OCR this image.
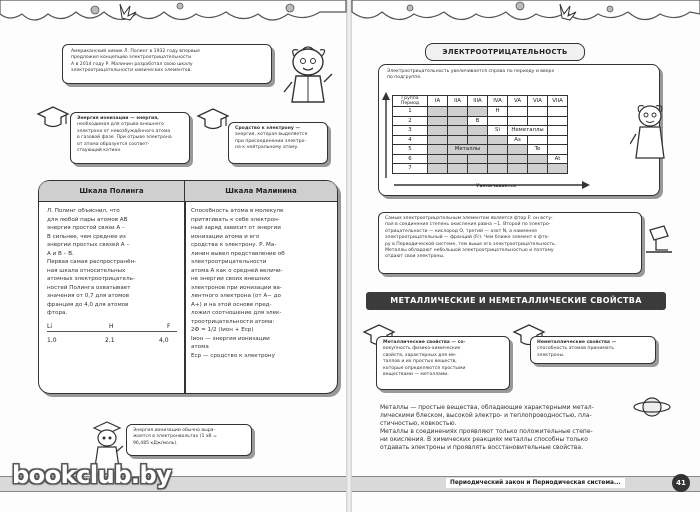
Американский химик Л. Полинг в 1932 году впервые
предложил концепцию электроотрицательности.
А в 2014 году Р. Малинин разработал свою шкалу
электроотрицательности химических элементов.
Энергия ионизации — энергия,
необходимая для отрыва внешнего
электрона от невозбуждённого атома
в газовой фазе. При отрыве электрона
от атома образуется соответ-
ствующий катион.
Сродство к электрону —
энергия, которая выделяется
при присоединении электро-
на к нейтральному атому.
Шкала Полинга	Шкала Малинина
Л. Полинг объяснил, что
для любой пары атомов АВ
энергия простой связи А –
В сильнее, чем среднее из
энергии простых связей А –
А и В – В.
Первая самая распространён-
ная шкала относительных
атомных электроотрицатель-
ностей Полинга охватывает
значения от 0,7 для атомов
франция до 4,0 для атомов
фтора.
Li	H	F
1,0	2,1	4,0
Способность атома в молекуле
притягивать к себе электрон-
ный заряд зависит от энергии
ионизации атома и его
сродства к электрону. Р. Ма-
линин вывел представление об
электроотрицательности
атома А как о средней величи-
не энергии своих внешних
электронов при ионизации ва-
лентного электрона (от А− до
А+) и на этой основе пред-
ложил соотношение для элек-
троотрицательности атома:
2Ф = 1/2 (Iион + Eср)
Iион — энергия ионизации
атома
Eср — сродство к электрону
Энергия ионизации обычно выра-
жается в электронвольтах (1 эВ =
96,485 кДж/моль).
bookclub.by
ЭЛЕКТРООТРИЦАТЕЛЬНОСТЬ
Электроотрицательность увеличивается справа по периоду и вверх
по подгруппе.
Группа
Период	IA	IIA	IIIA	IVA	VA	VIA	VIIA
1				H			
2			B				
3				Si	Неметаллы		
4					As		
5		Металлы				Te	
6							At
7							
Увеличивается
Самым электроотрицательным элементом является фтор F: он всту-
пая в соединения степень окисления равна −1. Второй по электро-
отрицательности — кислород O, третий — азот N, а наименее
электроотрицательный — франций (Fr). Чем ближе элемент к фто-
ру в Периодической системе, тем выше его электроотрицательность.
Металлы обладают небольшой электроотрицательностью и поэтому
отдают свои электроны.
МЕТАЛЛИЧЕСКИЕ И НЕМЕТАЛЛИЧЕСКИЕ СВОЙСТВА
Металлические свойства — со-
вокупность физико-химических
свойств, характерных для ме-
таллов и их простых веществ,
которые определяются простыми
веществами — металлами.
Неметаллические свойства —
способность атомов принимать
электроны.
Металлы — простые вещества, обладающие характерными метал-
лическими блеском, высокой электро- и теплопроводностью, пла-
стичностью, ковкостью.
Металлы в соединениях проявляют только положительные степе-
ни окисления. В химических реакциях металлы способны только
отдавать электроны и проявлять восстановительные свойства.
Периодический закон и Периодическая система...	41
